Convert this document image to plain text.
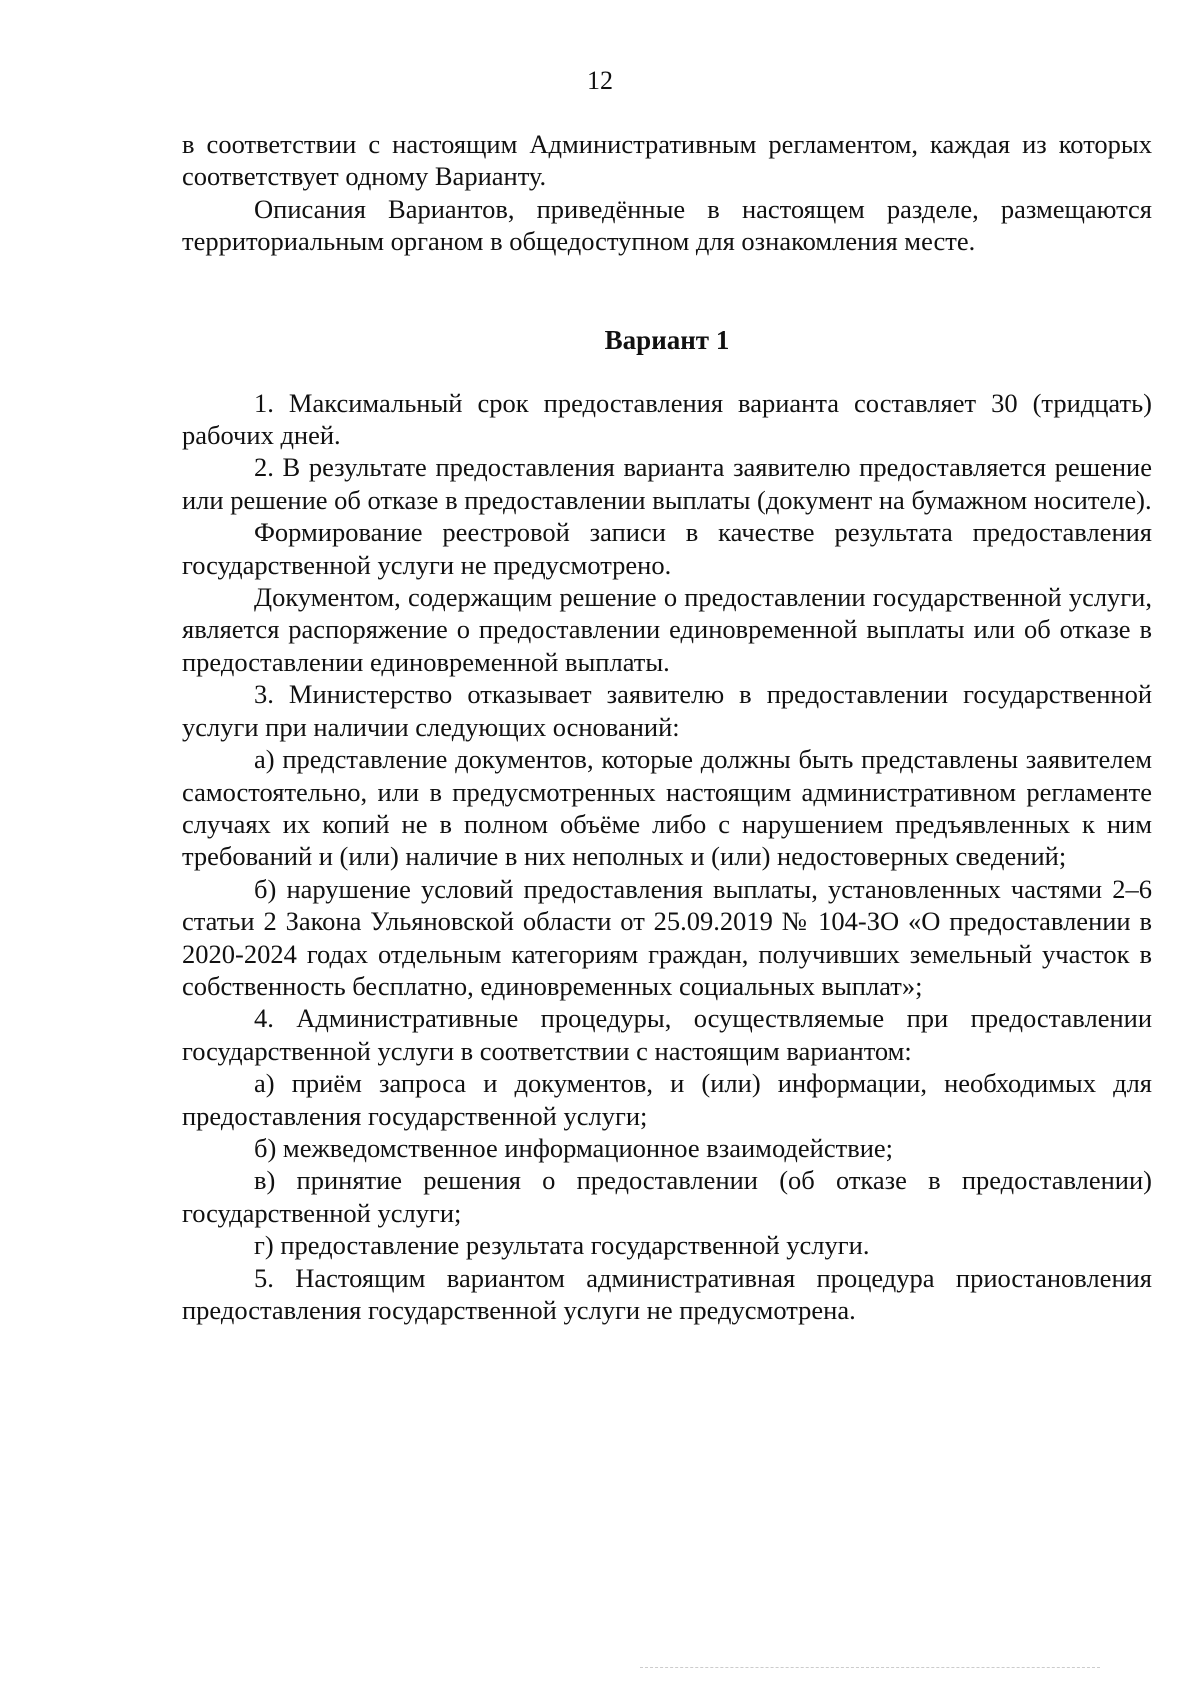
12

в соответствии с настоящим Административным регламентом, каждая из которых соответствует одному Варианту.

Описания Вариантов, приведённые в настоящем разделе, размещаются территориальным органом в общедоступном для ознакомления месте.

Вариант 1

1. Максимальный срок предоставления варианта составляет 30 (тридцать) рабочих дней.

2. В результате предоставления варианта заявителю предоставляется решение или решение об отказе в предоставлении выплаты (документ на бумажном носителе).

Формирование реестровой записи в качестве результата предоставления государственной услуги не предусмотрено.

Документом, содержащим решение о предоставлении государственной услуги, является распоряжение о предоставлении единовременной выплаты или об отказе в предоставлении единовременной выплаты.

3. Министерство отказывает заявителю в предоставлении государственной услуги при наличии следующих оснований:

а) представление документов, которые должны быть представлены заявителем самостоятельно, или в предусмотренных настоящим административном регламенте случаях их копий не в полном объёме либо с нарушением предъявленных к ним требований и (или) наличие в них неполных и (или) недостоверных сведений;

б) нарушение условий предоставления выплаты, установленных частями 2–6 статьи 2 Закона Ульяновской области от 25.09.2019 № 104-ЗО «О предоставлении в 2020-2024 годах отдельным категориям граждан, получивших земельный участок в собственность бесплатно, единовременных социальных выплат»;

4. Административные процедуры, осуществляемые при предоставлении государственной услуги в соответствии с настоящим вариантом:

а) приём запроса и документов, и (или) информации, необходимых для предоставления государственной услуги;

б) межведомственное информационное взаимодействие;

в) принятие решения о предоставлении (об отказе в предоставлении) государственной услуги;

г) предоставление результата государственной услуги.

5. Настоящим вариантом административная процедура приостановления предоставления государственной услуги не предусмотрена.
